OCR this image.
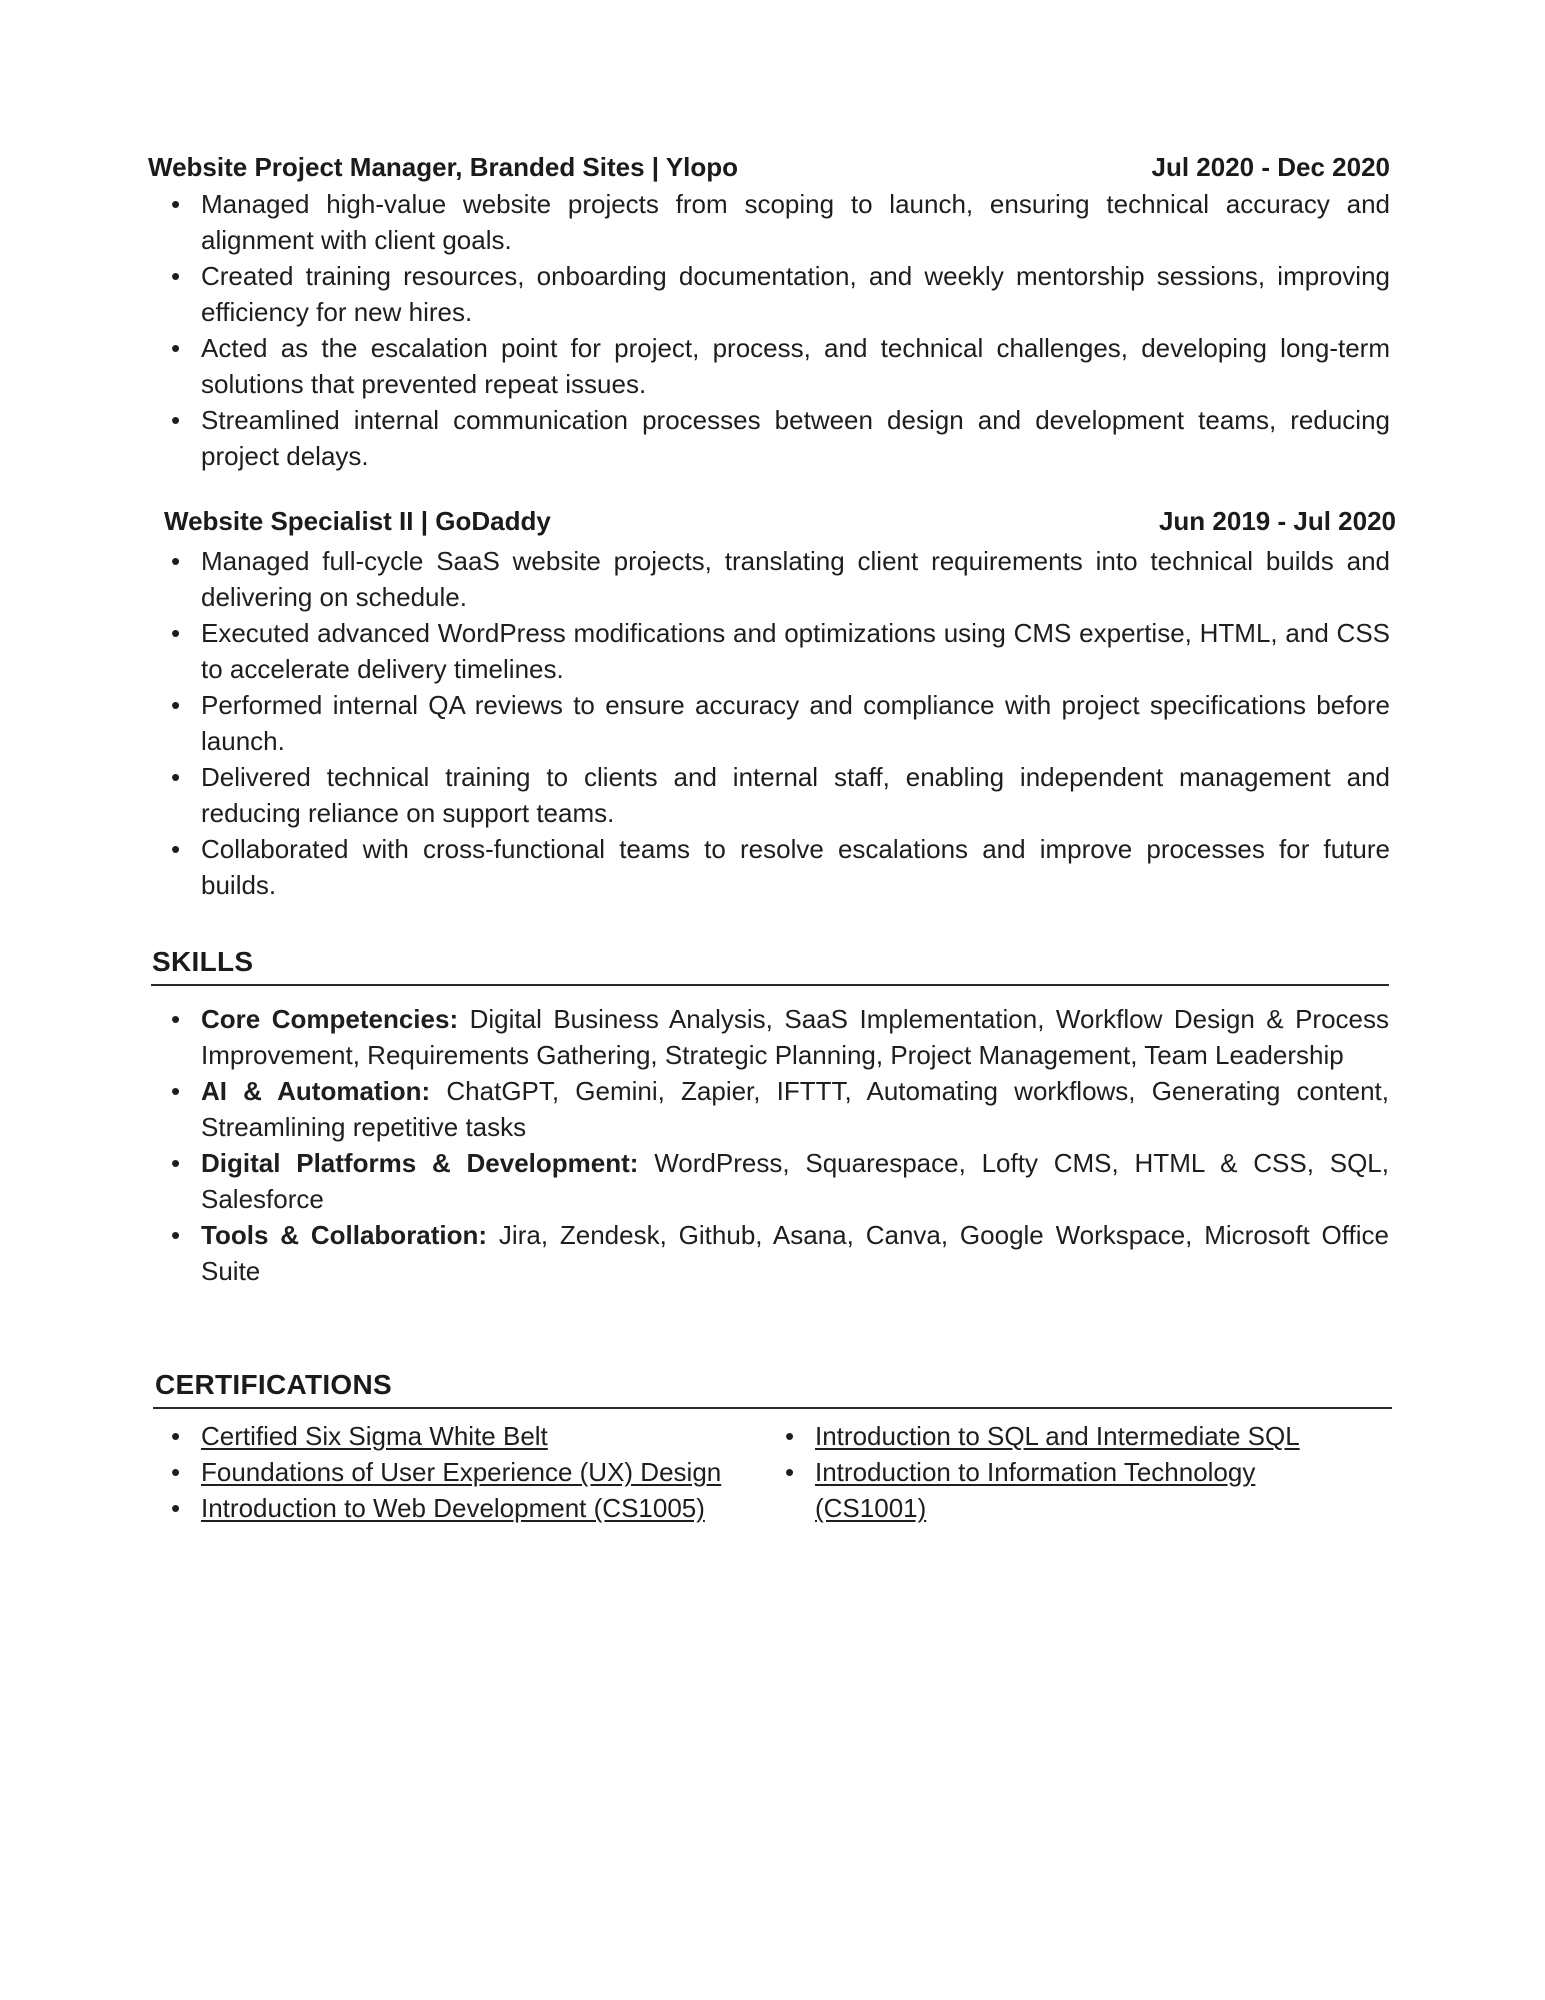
Website Project Manager, Branded Sites | Ylopo	Jul 2020 - Dec 2020
• Managed high-value website projects from scoping to launch, ensuring technical accuracy and alignment with client goals.
• Created training resources, onboarding documentation, and weekly mentorship sessions, improving efficiency for new hires.
• Acted as the escalation point for project, process, and technical challenges, developing long-term solutions that prevented repeat issues.
• Streamlined internal communication processes between design and development teams, reducing project delays.
Website Specialist II | GoDaddy	Jun 2019 - Jul 2020
• Managed full-cycle SaaS website projects, translating client requirements into technical builds and delivering on schedule.
• Executed advanced WordPress modifications and optimizations using CMS expertise, HTML, and CSS to accelerate delivery timelines.
• Performed internal QA reviews to ensure accuracy and compliance with project specifications before launch.
• Delivered technical training to clients and internal staff, enabling independent management and reducing reliance on support teams.
• Collaborated with cross-functional teams to resolve escalations and improve processes for future builds.
SKILLS
• Core Competencies: Digital Business Analysis, SaaS Implementation, Workflow Design & Process Improvement, Requirements Gathering, Strategic Planning, Project Management, Team Leadership
• AI & Automation: ChatGPT, Gemini, Zapier, IFTTT, Automating workflows, Generating content, Streamlining repetitive tasks
• Digital Platforms & Development: WordPress, Squarespace, Lofty CMS, HTML & CSS, SQL, Salesforce
• Tools & Collaboration: Jira, Zendesk, Github, Asana, Canva, Google Workspace, Microsoft Office Suite
CERTIFICATIONS
• Certified Six Sigma White Belt
• Foundations of User Experience (UX) Design
• Introduction to Web Development (CS1005)
• Introduction to SQL and Intermediate SQL
• Introduction to Information Technology (CS1001)
